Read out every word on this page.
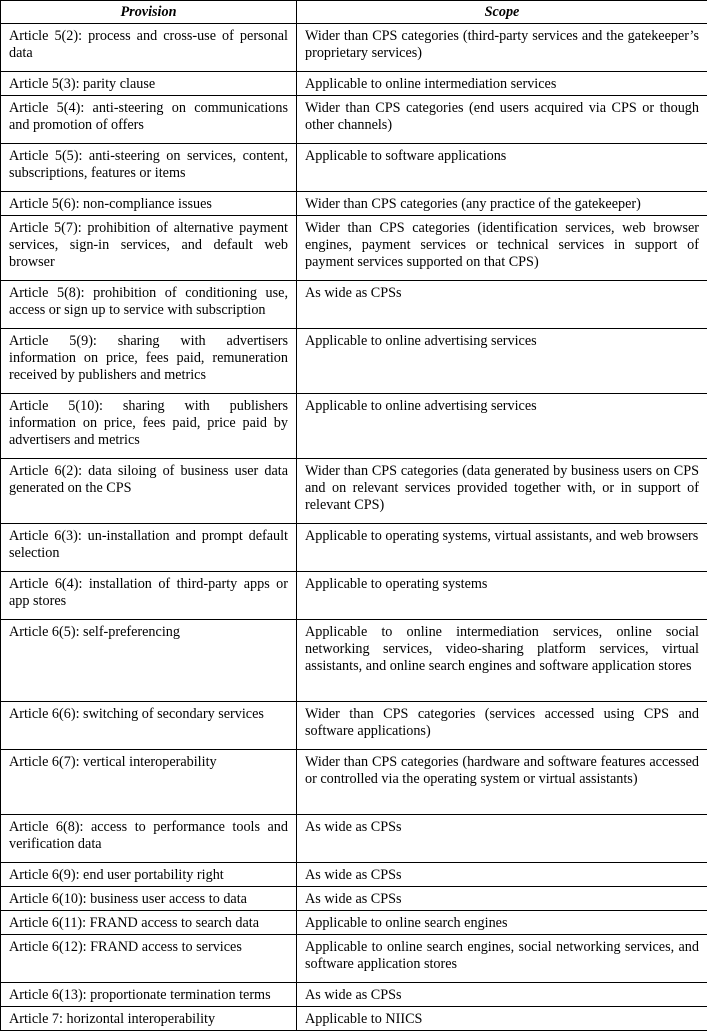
Provision	Scope
Article 5(2): process and cross-use of personal data	Wider than CPS categories (third-party services and the gatekeeper’s proprietary services)
Article 5(3): parity clause	Applicable to online intermediation services
Article 5(4): anti-steering on communications and promotion of offers	Wider than CPS categories (end users acquired via CPS or though other channels)
Article 5(5): anti-steering on services, content, subscriptions, features or items	Applicable to software applications
Article 5(6): non-compliance issues	Wider than CPS categories (any practice of the gatekeeper)
Article 5(7): prohibition of alternative payment services, sign-in services, and default web browser	Wider than CPS categories (identification services, web browser engines, payment services or technical services in support of payment services supported on that CPS)
Article 5(8): prohibition of conditioning use, access or sign up to service with subscription	As wide as CPSs
Article 5(9): sharing with advertisers information on price, fees paid, remuneration received by publishers and metrics	Applicable to online advertising services
Article 5(10): sharing with publishers information on price, fees paid, price paid by advertisers and metrics	Applicable to online advertising services
Article 6(2): data siloing of business user data generated on the CPS	Wider than CPS categories (data generated by business users on CPS and on relevant services provided together with, or in support of relevant CPS)
Article 6(3): un-installation and prompt default selection	Applicable to operating systems, virtual assistants, and web browsers
Article 6(4): installation of third-party apps or app stores	Applicable to operating systems
Article 6(5): self-preferencing	Applicable to online intermediation services, online social networking services, video-sharing platform services, virtual assistants, and online search engines and software application stores
Article 6(6): switching of secondary services	Wider than CPS categories (services accessed using CPS and software applications)
Article 6(7): vertical interoperability	Wider than CPS categories (hardware and software features accessed or controlled via the operating system or virtual assistants)
Article 6(8): access to performance tools and verification data	As wide as CPSs
Article 6(9): end user portability right	As wide as CPSs
Article 6(10): business user access to data	As wide as CPSs
Article 6(11): FRAND access to search data	Applicable to online search engines
Article 6(12): FRAND access to services	Applicable to online search engines, social networking services, and software application stores
Article 6(13): proportionate termination terms	As wide as CPSs
Article 7: horizontal interoperability	Applicable to NIICS
